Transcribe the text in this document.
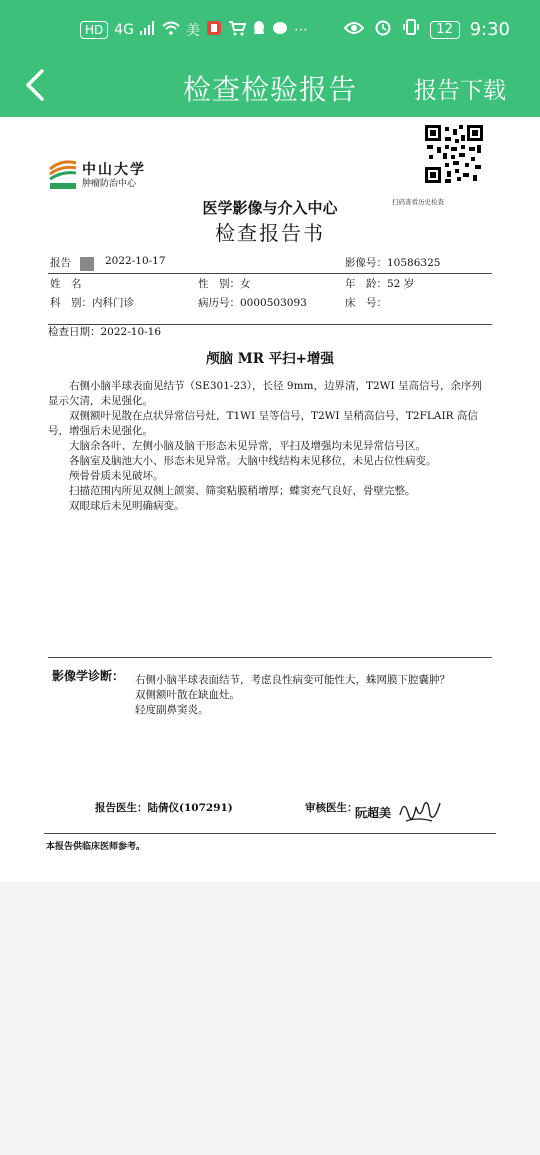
HD 4G	美	⋯	12 9:30
检查检验报告	报告下载
中山大学
肿瘤防治中心
扫码查看历史检查
医学影像与介入中心
检查报告书
报告	2022-10-17	影像号：10586325
姓　名	性　别：女	年　龄：52 岁
科　别：内科门诊	病历号：0000503093	床　号：
检查日期：2022-10-16
颅脑 MR 平扫+增强

右侧小脑半球表面见结节（SE301-23），长径 9mm，边界清，T2WI 呈高信号，余序列显示欠清，未见强化。

双侧额叶见散在点状异常信号灶，T1WI 呈等信号，T2WI 呈稍高信号，T2FLAIR 高信号，增强后未见强化。

大脑余各叶、左侧小脑及脑干形态未见异常，平扫及增强均未见异常信号区。

各脑室及脑池大小、形态未见异常。大脑中线结构未见移位，未见占位性病变。

颅骨骨质未见破坏。

扫描范围内所见双侧上颌窦、筛窦粘膜稍增厚；蝶窦充气良好，骨壁完整。

双眼球后未见明确病变。

影像学诊断： 右侧小脑半球表面结节，考虑良性病变可能性大，蛛网膜下腔囊肿？
双侧额叶散在缺血灶。
轻度副鼻窦炎。
报告医生：陆倩仪(107291)	审核医生：
阮超美
本报告供临床医师参考。
